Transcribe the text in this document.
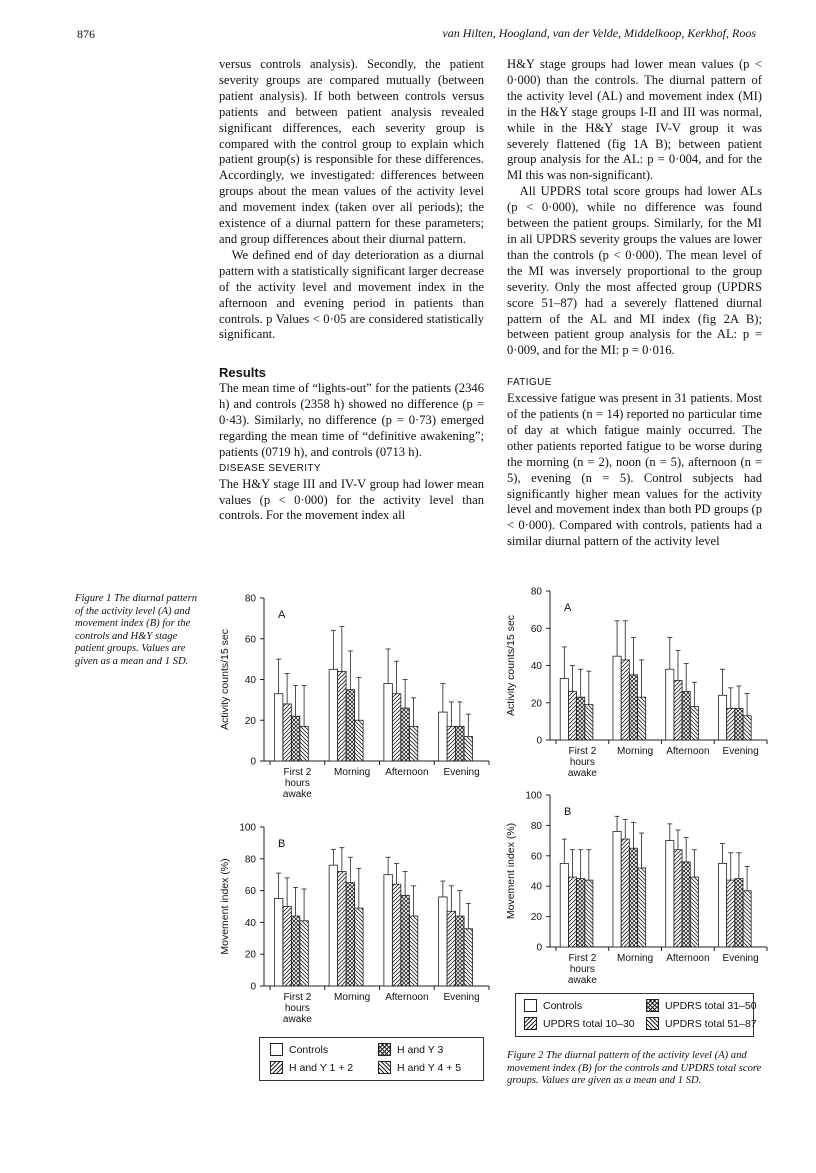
876	van Hilten, Hoogland, van der Velde, Middelkoop, Kerkhof, Roos

versus controls analysis). Secondly, the patient severity groups are compared mutually (between patient analysis). If both between controls versus patients and between patient analysis revealed significant differences, each severity group is compared with the control group to explain which patient group(s) is responsible for these differences. Accordingly, we investigated: differences between groups about the mean values of the activity level and movement index (taken over all periods); the existence of a diurnal pattern for these parameters; and group differences about their diurnal pattern.

We defined end of day deterioration as a diurnal pattern with a statistically significant larger decrease of the activity level and movement index in the afternoon and evening period in patients than controls. p Values < 0·05 are considered statistically significant.

Results

The mean time of “lights-out” for the patients (2346 h) and controls (2358 h) showed no difference (p = 0·43). Similarly, no difference (p = 0·73) emerged regarding the mean time of “definitive awakening”; patients (0719 h), and controls (0713 h).

DISEASE SEVERITY

The H&Y stage III and IV-V group had lower mean values (p < 0·000) for the activity level than controls. For the movement index all

H&Y stage groups had lower mean values (p < 0·000) than the controls. The diurnal pattern of the activity level (AL) and movement index (MI) in the H&Y stage groups I-II and III was normal, while in the H&Y stage IV-V group it was severely flattened (fig 1A B); between patient group analysis for the AL: p = 0·004, and for the MI this was non-significant).

All UPDRS total score groups had lower ALs (p < 0·000), while no difference was found between the patient groups. Similarly, for the MI in all UPDRS severity groups the values are lower than the controls (p < 0·000). The mean level of the MI was inversely proportional to the group severity. Only the most affected group (UPDRS score 51–87) had a severely flattened diurnal pattern of the AL and MI index (fig 2A B); between patient group analysis for the AL: p = 0·009, and for the MI: p = 0·016.

FATIGUE

Excessive fatigue was present in 31 patients. Most of the patients (n = 14) reported no particular time of day at which fatigue mainly occurred. The other patients reported fatigue to be worse during the morning (n = 2), noon (n = 5), afternoon (n = 5), evening (n = 5). Control subjects had significantly higher mean values for the activity level and movement index than both PD groups (p < 0·000). Compared with controls, patients had a similar diurnal pattern of the activity level

Figure 1 The diurnal pattern of the activity level (A) and movement index (B) for the controls and H&Y stage patient groups. Values are given as a mean and 1 SD.
Figure 2 The diurnal pattern of the activity level (A) and movement index (B) for the controls and UPDRS total score groups. Values are given as a mean and 1 SD.
0
20
40
60
80
Activity counts/15 sec
A
First 2 hours awake
Morning Afternoon Evening
0
20
40
60
80
100
Movement index (%)
B
First 2 hours awake
Morning Afternoon Evening
0
20
40
60
80
Activity counts/15 sec
A
First 2 hours awake
Morning Afternoon Evening
0
20
40
60
80
100
Movement index (%)
B
First 2 hours awake
Morning Afternoon Evening
Controls	H and Y 3
H and Y 1 + 2	H and Y 4 + 5
Controls	UPDRS total 31–50
UPDRS total 10–30	UPDRS total 51–87
